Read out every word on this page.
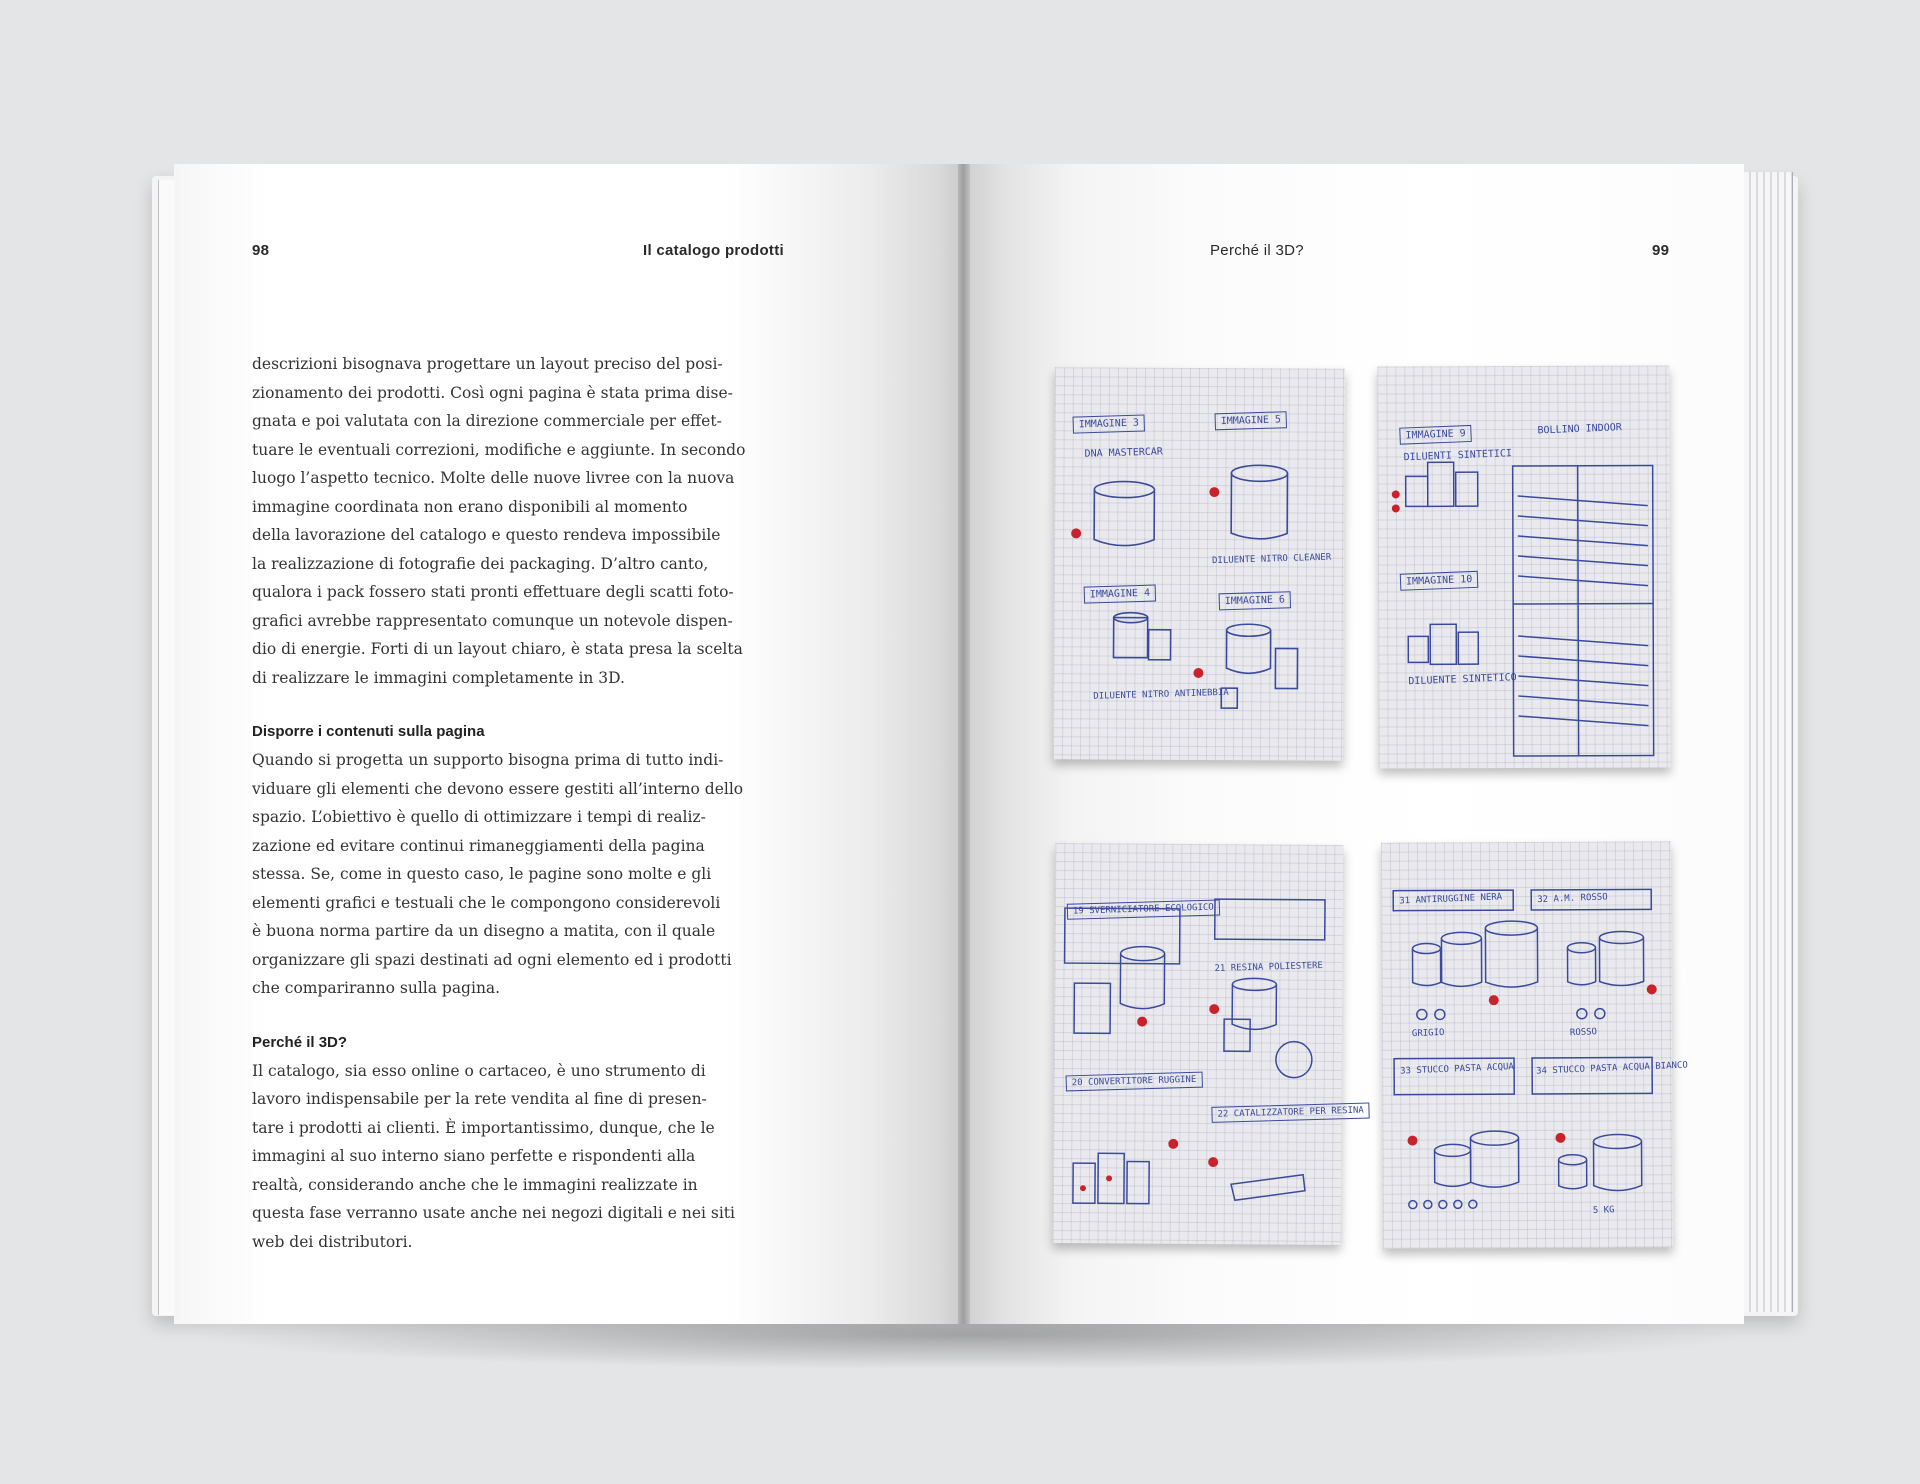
98	Il catalogo prodotti

descrizioni bisognava progettare un layout preciso del posi-
zionamento dei prodotti. Così ogni pagina è stata prima dise-
gnata e poi valutata con la direzione commerciale per effet-
tuare le eventuali correzioni, modifiche e aggiunte. In secondo
luogo l’aspetto tecnico. Molte delle nuove livree con la nuova
immagine coordinata non erano disponibili al momento
della lavorazione del catalogo e questo rendeva impossibile
la realizzazione di fotografie dei packaging. D’altro canto,
qualora i pack fossero stati pronti effettuare degli scatti foto-
grafici avrebbe rappresentato comunque un notevole dispen-
dio di energie. Forti di un layout chiaro, è stata presa la scelta
di realizzare le immagini completamente in 3D.

Disporre i contenuti sulla pagina

Quando si progetta un supporto bisogna prima di tutto indi-
viduare gli elementi che devono essere gestiti all’interno dello
spazio. L’obiettivo è quello di ottimizzare i tempi di realiz-
zazione ed evitare continui rimaneggiamenti della pagina
stessa. Se, come in questo caso, le pagine sono molte e gli
elementi grafici e testuali che le compongono considerevoli
è buona norma partire da un disegno a matita, con il quale
organizzare gli spazi destinati ad ogni elemento ed i prodotti
che compariranno sulla pagina.

Perché il 3D?

Il catalogo, sia esso online o cartaceo, è uno strumento di
lavoro indispensabile per la rete vendita al fine di presen-
tare i prodotti ai clienti. È importantissimo, dunque, che le
immagini al suo interno siano perfette e rispondenti alla
realtà, considerando anche che le immagini realizzate in
questa fase verranno usate anche nei negozi digitali e nei siti
web dei distributori.

Perché il 3D?	99
IMMAGINE 3	IMMAGINE 5
DNA MASTERCAR
DILUENTE NITRO CLEANER
IMMAGINE 4
IMMAGINE 6
DILUENTE NITRO ANTINEBBIA
IMMAGINE 9	BOLLINO INDOOR
DILUENTI SINTETICI
IMMAGINE 10
DILUENTE SINTETICO
19 SVERNICIATORE ECOLOGICO
21 RESINA POLIESTERE
20 CONVERTITORE RUGGINE
22 CATALIZZATORE PER RESINA
31 ANTIRUGGINE NERA	32 A.M. ROSSO
GRIGIO	ROSSO
33 STUCCO PASTA ACQUA 34 STUCCO PASTA ACQUA BIANCO
5 KG
